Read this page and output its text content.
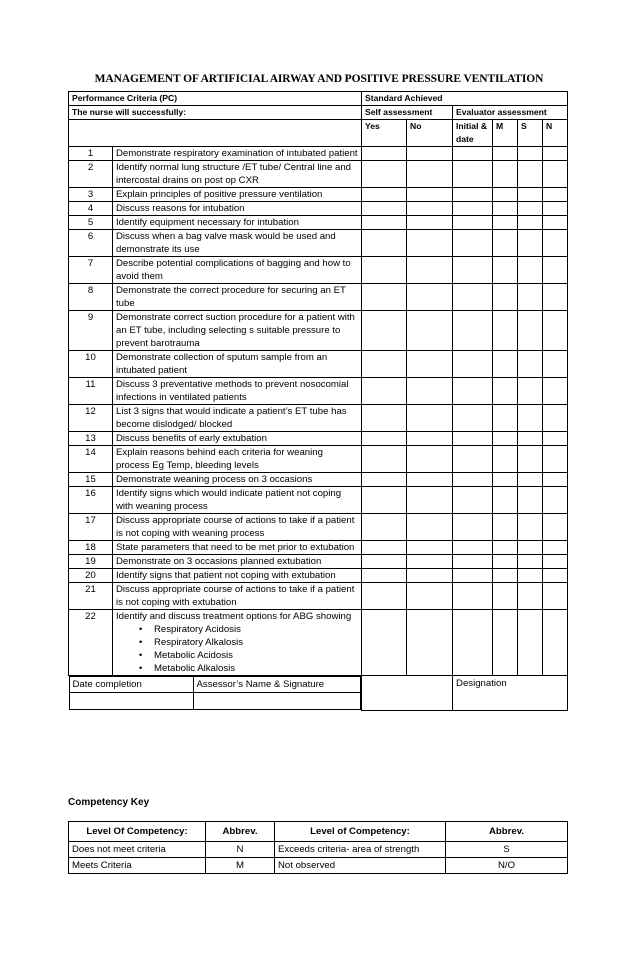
MANAGEMENT OF ARTIFICIAL AIRWAY AND POSITIVE PRESSURE VENTILATION
Performance Criteria (PC)	Standard Achieved
The nurse will successfully:	Self assessment	Evaluator assessment
	Yes	No	Initial & date	M	S	N
1	Demonstrate respiratory examination of intubated patient						
2	Identify normal lung structure /ET tube/ Central line and intercostal drains on post op CXR						
3	Explain principles of positive pressure ventilation						
4	Discuss reasons for intubation						
5	Identify equipment necessary for intubation						
6	Discuss when a bag valve mask would be used and demonstrate its use						
7	Describe potential complications of bagging and how to avoid them						
8	Demonstrate the correct procedure for securing an ET tube						
9	Demonstrate correct suction procedure for a patient with an ET tube, including selecting s suitable pressure to prevent barotrauma						
10	Demonstrate collection of sputum sample from an intubated patient						
11	Discuss 3 preventative methods to prevent nosocomial infections in ventilated patients						
12	List 3 signs that would indicate a patient’s ET tube has become dislodged/ blocked						
13	Discuss benefits of early extubation						
14	Explain reasons behind each criteria for weaning process Eg Temp, bleeding levels						
15	Demonstrate weaning process on 3 occasions						
16	Identify signs which would indicate patient not coping with weaning process						
17	Discuss appropriate course of actions to take if a patient is not coping with weaning process						
18	State parameters that need to be met prior to extubation						
19	Demonstrate on 3 occasions planned extubation						
20	Identify signs that patient not coping with extubation						
21	Discuss appropriate course of actions to take if a patient is not coping with extubation						
22	Identify and discuss treatment options for ABG showing
• Respiratory Acidosis
• Respiratory Alkalosis
• Metabolic Acidosis
• Metabolic Alkalosis

Date completion	Assessor’s Name & Signature

			Designation
Competency Key
Level Of Competency:	Abbrev.	Level of Competency:	Abbrev.
Does not meet criteria	N	Exceeds criteria- area of strength	S
Meets Criteria	M	Not observed	N/O
